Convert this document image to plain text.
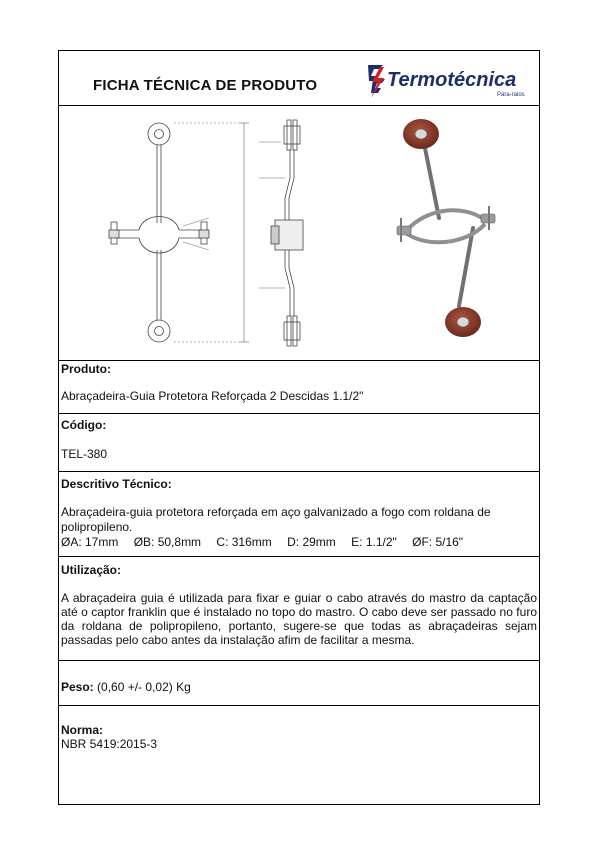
FICHA TÉCNICA DE PRODUTO	Termotécnica
Para-raios
Produto:
Abraçadeira-Guia Protetora Reforçada 2 Descidas 1.1/2"
Código:
TEL-380
Descritivo Técnico:
Abraçadeira-guia protetora reforçada em aço galvanizado a fogo com roldana de
polipropileno.
ØA: 17mm ØB: 50,8mm C: 316mm D: 29mm E: 1.1/2" ØF: 5/16"
Utilização:
A abraçadeira guia é utilizada para fixar e guiar o cabo através do mastro da captação até o captor franklin que é instalado no topo do mastro. O cabo deve ser passado no furo da roldana de polipropileno, portanto, sugere-se que todas as abraçadeiras sejam passadas pelo cabo antes da instalação afim de facilitar a mesma.
Peso: (0,60 +/- 0,02) Kg
Norma:
NBR 5419:2015-3
